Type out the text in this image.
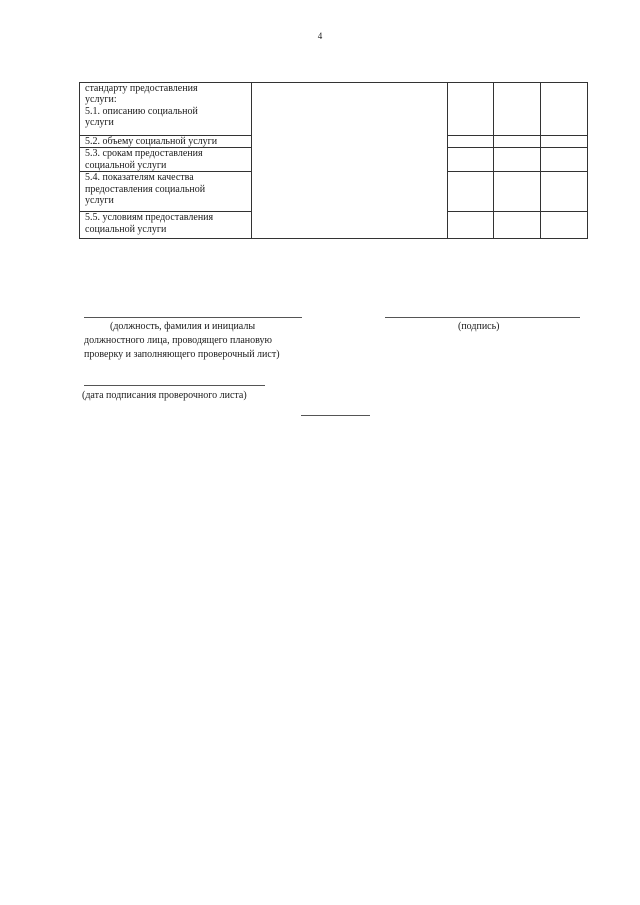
4
стандарту предоставления
услуги:
5.1. описанию социальной
услуги				
5.2. объему социальной услуги				
5.3. срокам предоставления
социальной услуги				
5.4. показателям качества
предоставления социальной
услуги				
5.5. условиям предоставления
социальной услуги				
(должность, фамилия и инициалы
должностного лица, проводящего плановую
проверку и заполняющего проверочный лист)
(подпись)
(дата подписания проверочного листа)
